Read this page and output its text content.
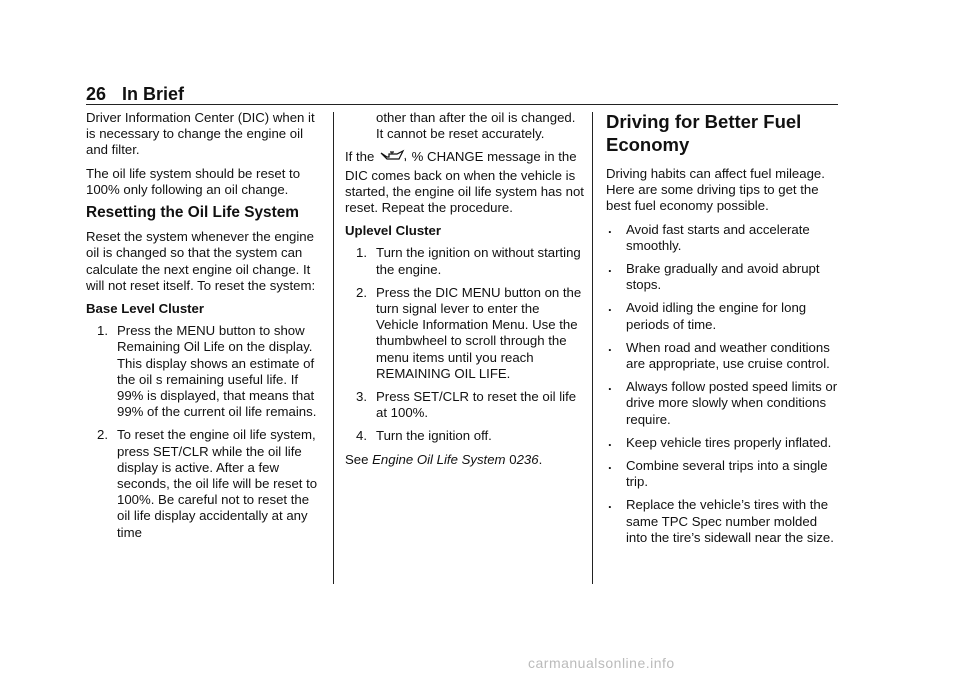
26 In Brief

Driver Information Center (DIC) when it is necessary to change the engine oil and filter.

The oil life system should be reset to 100% only following an oil change.

Resetting the Oil Life System

Reset the system whenever the engine oil is changed so that the system can calculate the next engine oil change. It will not reset itself. To reset the system:

Base Level Cluster
1. Press the MENU button to show Remaining Oil Life on the display. This display shows an estimate of the oil s remaining useful life. If 99% is displayed, that means that 99% of the current oil life remains.
2. To reset the engine oil life system, press SET/CLR while the oil life display is active. After a few seconds, the oil life will be reset to 100%. Be careful not to reset the oil life display accidentally at any time

other than after the oil is changed. It cannot be reset accurately.

If the	% CHANGE message in the DIC comes back on when the vehicle is started, the engine oil life system has not reset. Repeat the procedure.

Uplevel Cluster
1. Turn the ignition on without starting the engine.
2. Press the DIC MENU button on the turn signal lever to enter the Vehicle Information Menu. Use the thumbwheel to scroll through the menu items until you reach REMAINING OIL LIFE.
3. Press SET/CLR to reset the oil life at 100%.
4. Turn the ignition off.

See Engine Oil Life System 0236.

Driving for Better Fuel Economy

Driving habits can affect fuel mileage. Here are some driving tips to get the best fuel economy possible.

. Avoid fast starts and accelerate smoothly.
. Brake gradually and avoid abrupt stops.
. Avoid idling the engine for long periods of time.
. When road and weather conditions are appropriate, use cruise control.
. Always follow posted speed limits or drive more slowly when conditions require.
. Keep vehicle tires properly inflated.
. Combine several trips into a single trip.
. Replace the vehicle’s tires with the same TPC Spec number molded into the tire’s sidewall near the size.
carmanualsonline.info
